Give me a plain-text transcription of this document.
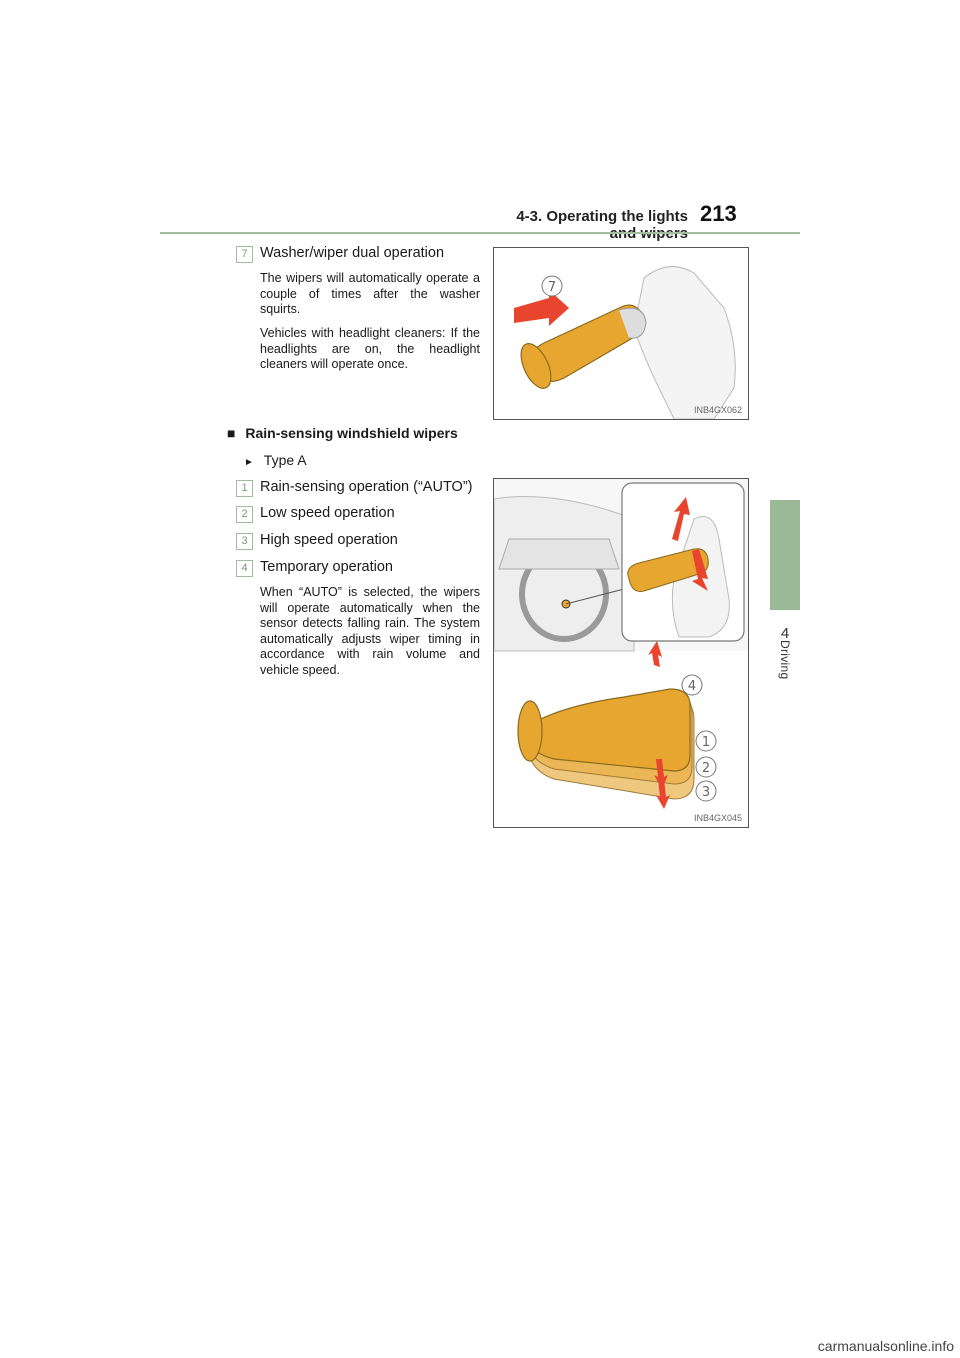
4-3. Operating the lights 213
4
Driving
7 Washer/wiper dual operation
The wipers will automatically operate a couple of times after the washer squirts.
Vehicles with headlight cleaners: If the headlights are on, the headlight cleaners will operate once.
7
INB4GX062
■ Rain-sensing windshield wipers
► Type A
1 Rain-sensing operation (“AUTO”)
2 Low speed operation
3 High speed operation
4 Temporary operation
When “AUTO” is selected, the wipers will operate automatically when the sensor detects falling rain. The system automatically adjusts wiper timing in accordance with rain volume and vehicle speed.
4
1
2
3
INB4GX045
carmanualsonline.info
